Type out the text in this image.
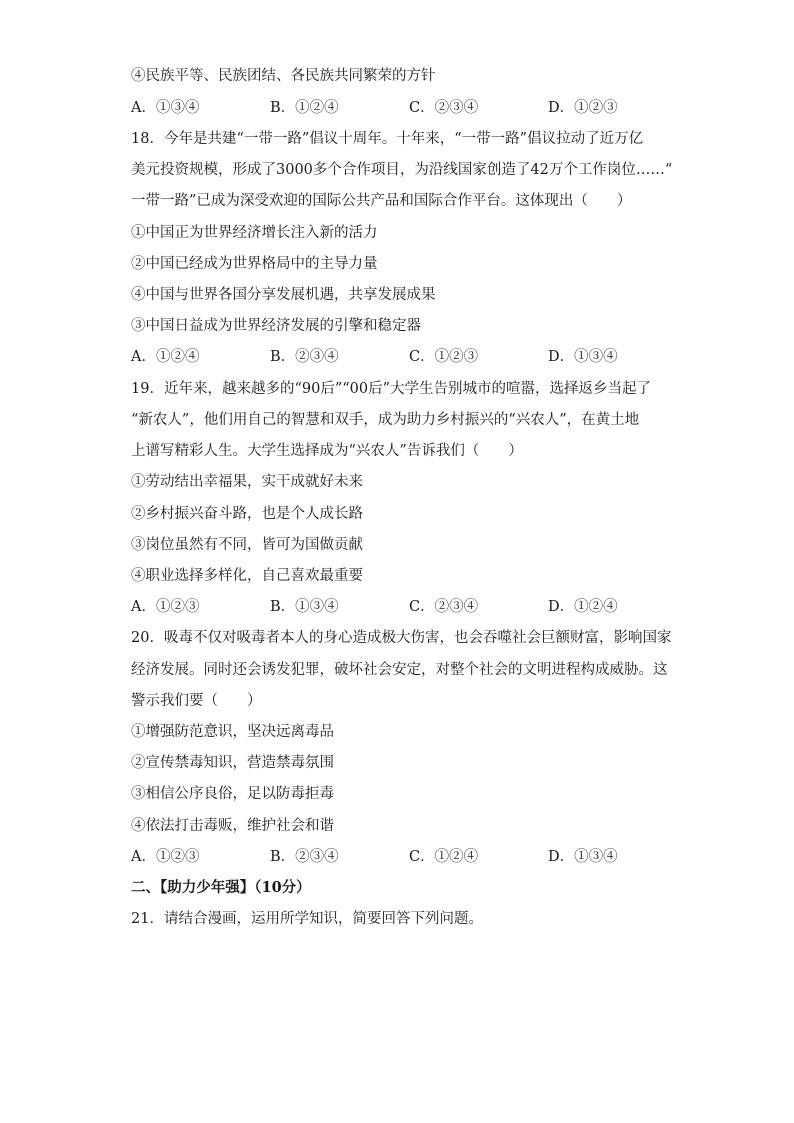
④民族平等、民族团结、各民族共同繁荣的方针
A．①③④	B．①②④	C．②③④	D．①②③
18．今年是共建“一带一路”倡议十周年。十年来，“一带一路”倡议拉动了近万亿
美元投资规模，形成了3000多个合作项目，为沿线国家创造了42万个工作岗位……“
一带一路”已成为深受欢迎的国际公共产品和国际合作平台。这体现出（　　）
①中国正为世界经济增长注入新的活力
②中国已经成为世界格局中的主导力量
④中国与世界各国分享发展机遇，共享发展成果
③中国日益成为世界经济发展的引擎和稳定器
A．①②④	B．②③④	C．①②③	D．①③④
19．近年来，越来越多的“90后”“00后”大学生告别城市的喧嚣，选择返乡当起了
“新农人”，他们用自己的智慧和双手，成为助力乡村振兴的“兴农人”，在黄土地
上谱写精彩人生。大学生选择成为“兴农人”告诉我们（　　）
①劳动结出幸福果，实干成就好未来
②乡村振兴奋斗路，也是个人成长路
③岗位虽然有不同，皆可为国做贡献
④职业选择多样化，自己喜欢最重要
A．①②③	B．①③④	C．②③④	D．①②④
20．吸毒不仅对吸毒者本人的身心造成极大伤害，也会吞噬社会巨额财富，影响国家
经济发展。同时还会诱发犯罪，破坏社会安定，对整个社会的文明进程构成威胁。这
警示我们要（　　）
①增强防范意识，坚决远离毒品
②宣传禁毒知识，营造禁毒氛围
③相信公序良俗，足以防毒拒毒
④依法打击毒贩，维护社会和谐
A．①②③	B．②③④	C．①②④	D．①③④
二、【助力少年强】（10分）
21．请结合漫画，运用所学知识，简要回答下列问题。
